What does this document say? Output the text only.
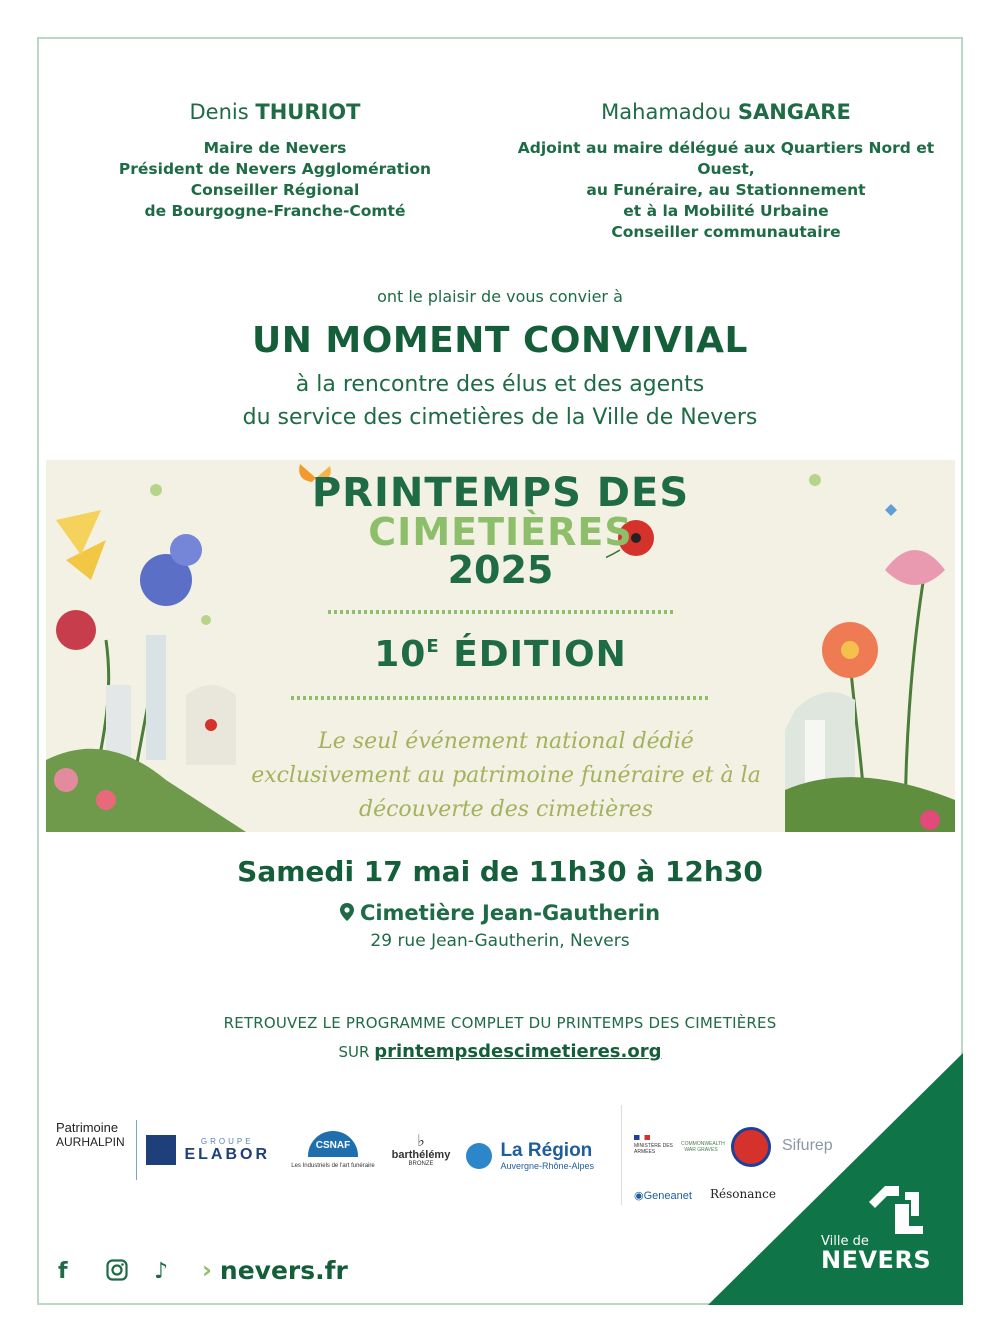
Denis THURIOT
Maire de Nevers
Président de Nevers Agglomération
Conseiller Régional
de Bourgogne-Franche-Comté
Mahamadou SANGARE
Adjoint au maire délégué aux Quartiers Nord et Ouest,
au Funéraire, au Stationnement
et à la Mobilité Urbaine
Conseiller communautaire
ont le plaisir de vous convier à
UN MOMENT CONVIVIAL
à la rencontre des élus et des agents
du service des cimetières de la Ville de Nevers
PRINTEMPS DES
CIMETIÈRES
2025
$10^E$ ÉDITION
Le seul événement national dédié exclusivement au patrimoine funéraire et à la découverte des cimetières
Samedi 17 mai de 11h30 à 12h30
Cimetière Jean-Gautherin
29 rue Jean-Gautherin, Nevers
RETROUVEZ LE PROGRAMME COMPLET DU PRINTEMPS DES CIMETIÈRES
SUR printempsdescimetieres.org
Patrimoine
AURHALPIN
	GROUPE
ELABOR	CSNAF
Les Industriels de l'art funéraire
♭
barthélémy
BRONZE

La Région
Auvergne-Rhône-Alpes
MINISTÈRE DES ARMÉES
COMMONWEALTH WAR GRAVES	Sifurep
◉Geneanet Résonance
f	♪	› nevers.fr
Ville de
NEVERS
